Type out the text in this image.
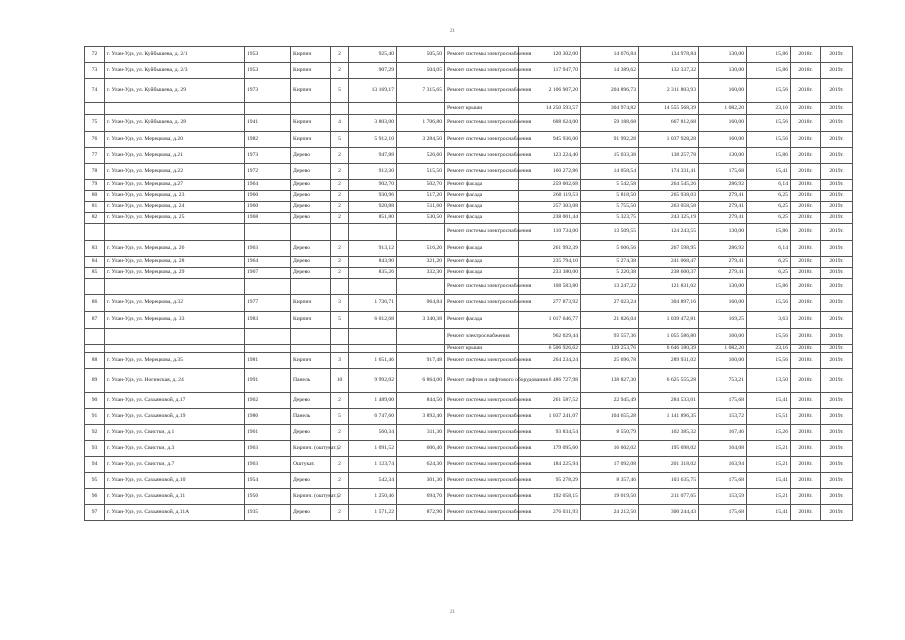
21
72	г. Улан-Удэ, ул. Куйбышева, д. 2/1	1953	Кирпич	2	925,40	505,50	Ремонт системы электроснабжения	120 302,00	14 676,84	134 978,84	130,00	15,86	2018г.	2019г.
73	г. Улан-Удэ, ул. Куйбышева, д. 2/3	1953	Кирпич	2	907,29	504,05	Ремонт системы электроснабжения	117 947,70	14 389,62	132 337,32	130,00	15,86	2018г.	2019г.
74	г. Улан-Удэ, ул. Куйбышева, д. 29	1973	Кирпич	5	13 169,17	7 315,65	Ремонт системы электроснабжения	2 106 907,20	204 896,73	2 311 803,93	160,00	15,56	2018г.	2019г.
							Ремонт крыши	14 250 593,57	304 974,82	14 555 568,39	1 082,20	23,16	2018г.	2019г.
75	г. Улан-Удэ, ул. Куйбышева, д. 28	1941	Кирпич	4	3 803,00	1 706,80	Ремонт системы электроснабжения	608 624,00	59 188,68	667 812,68	160,00	15,56	2018г.	2019г.
76	г. Улан-Удэ, ул. Мерецкова, д.20	1982	Кирпич	5	5 912,10	3 284,50	Ремонт системы электроснабжения	945 936,00	91 992,28	1 037 928,28	160,00	15,56	2018г.	2019г.
77	г. Улан-Удэ, ул. Мерецкова, д.21	1973	Дерево	2	947,88	526,60	Ремонт системы электроснабжения	123 224,40	15 033,38	138 257,78	130,00	15,86	2018г.	2019г.
78	г. Улан-Удэ, ул. Мерецкова, д.22	1972	Дерево	2	912,30	515,50	Ремонт системы электроснабжения	160 272,86	14 058,54	174 331,41	175,68	15,41	2018г.	2019г.
79	г. Улан-Удэ, ул. Мерецкова, д.27	1964	Дерево	2	902,70	502,70	Ремонт фасада	259 002,68	5 542,58	264 545,26	286,92	6,14	2018г.	2019г.
80	г. Улан-Удэ, ул. Мерецкова, д. 23	1960	Дерево	2	930,96	517,20	Ремонт фасада	260 119,53	5 818,50	265 938,03	279,41	6,25	2018г.	2019г.
81	г. Улан-Удэ, ул. Мерецкова, д. 24	1960	Дерево	2	920,88	511,60	Ремонт фасада	257 303,08	5 755,50	263 058,58	279,41	6,25	2018г.	2019г.
82	г. Улан-Удэ, ул. Мерецкова, д. 25	1968	Дерево	2	851,80	530,50	Ремонт фасада	238 001,44	5 323,75	243 325,19	279,41	6,25	2018г.	2019г.
							Ремонт системы электроснабжения	110 734,00	13 509,55	124 243,55	130,00	15,86	2018г.	2019г.
83	г. Улан-Удэ, ул. Мерецкова, д. 26	1963	Дерево	2	913,12	516,20	Ремонт фасада	261 992,39	5 606,56	267 598,95	286,92	6,14	2018г.	2019г.
84	г. Улан-Удэ, ул. Мерецкова, д. 28	1964	Дерево	2	843,90	321,20	Ремонт фасада	235 794,10	5 274,38	241 068,47	279,41	6,25	2018г.	2019г.
85	г. Улан-Удэ, ул. Мерецкова, д. 29	1967	Дерево	2	835,26	332,30	Ремонт фасада	233 380,00	5 220,38	238 600,37	279,41	6,25	2018г.	2019г.
							Ремонт системы электроснабжения	108 583,80	13 247,22	121 831,02	130,00	15,86	2018г.	2019г.
86	г. Улан-Удэ, ул. Мерецкова, д.32	1977	Кирпич	3	1 736,71	964,84	Ремонт системы электроснабжения	277 873,92	27 023,24	304 897,16	160,00	15,56	2018г.	2019г.
87	г. Улан-Удэ, ул. Мерецкова, д. 33	1983	Кирпич	5	6 012,68	3 340,38	Ремонт фасада	1 017 646,77	21 826,04	1 039 472,81	169,25	3,63	2018г.	2019г.
							Ремонт электроснабжения	962 029,44	93 557,36	1 055 586,80	160,00	15,56	2018г.	2019г.
							Ремонт крыши	6 506 926,62	139 253,76	6 646 180,39	1 082,20	23,16	2018г.	2019г.
88	г. Улан-Удэ, ул. Мерецкова, д.35	1981	Кирпич	3	1 651,46	917,48	Ремонт системы электроснабжения	264 234,24	25 696,78	289 931,02	160,00	15,56	2018г.	2019г.
89	г. Улан-Удэ, ул. Ногинская, д. 24	1991	Панель	10	9 992,02	6 864,00	Ремонт лифтов и лифтового оборудования	6 486 727,98	138 827,30	6 625 555,28	753,21	13,50	2018г.	2019г.
90	г. Улан-Удэ, ул. Сахьяновой, д.17	1962	Дерево	2	1 489,00	844,50	Ремонт системы электроснабжения	261 587,52	22 945,49	284 533,01	175,68	15,41	2018г.	2019г.
91	г. Улан-Удэ, ул. Сахьяновой, д.19	1980	Панель	5	6 747,60	3 892,40	Ремонт системы электроснабжения	1 037 241,07	104 655,28	1 141 896,35	153,72	15,51	2018г.	2019г.
92	г. Улан-Удэ, ул. Свистки, д.1	1961	Дерево	2	560,34	311,30	Ремонт системы электроснабжения	93 834,54	8 550,79	102 385,32	167,46	15,26	2018г.	2019г.
93	г. Улан-Удэ, ул. Свистки, д.3	1963	Кирпич. (оштукат.)	2	1 091,52	606,40	Ремонт системы электроснабжения	179 095,60	16 602,02	195 698,02	164,08	15,21	2018г.	2019г.
94	г. Улан-Удэ, ул. Свистки, д.7	1963	Оштукат.	2	1 123,74	624,30	Ремонт системы электроснабжения	184 225,94	17 092,08	201 318,02	163,94	15,21	2018г.	2019г.
95	г. Улан-Удэ, ул. Сахьяновой, д.10	1954	Дерево	2	542,34	301,30	Ремонт системы электроснабжения	95 278,29	8 357,46	103 635,75	175,68	15,41	2018г.	2019г.
96	г. Улан-Удэ, ул. Сахьяновой, д.11	1950	Кирпич. (оштукат.)	2	1 250,46	694,70	Ремонт системы электроснабжения	192 058,15	19 019,50	211 077,65	153,59	15,21	2018г.	2019г.
97	г. Улан-Удэ, ул. Сахьяновой, д.11А	1935	Дерево	2	1 571,22	872,90	Ремонт системы электроснабжения	276 031,93	24 212,50	300 244,43	175,68	15,41	2018г.	2019г.
21
